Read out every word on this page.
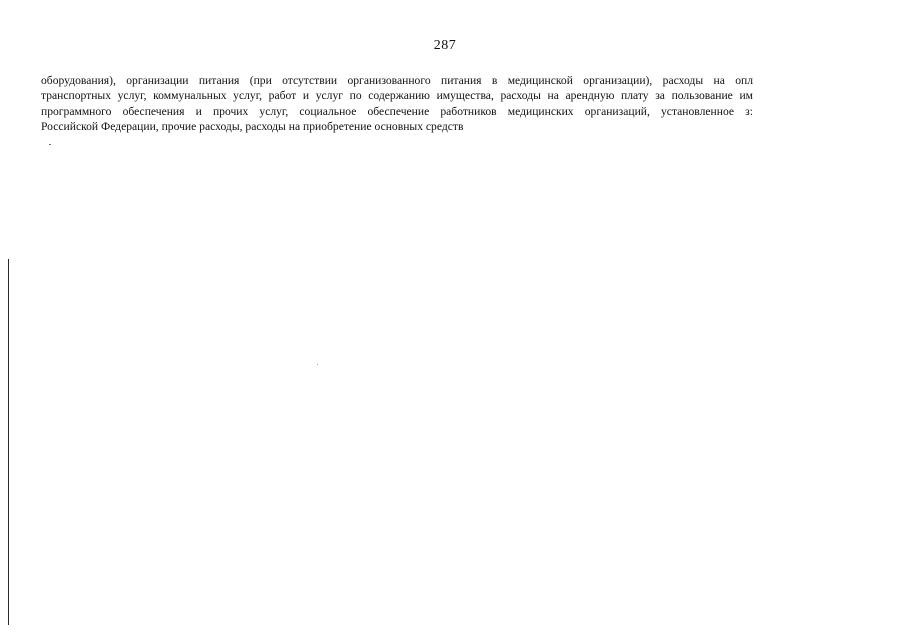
287
оборудования), организации питания (при отсутствии организованного питания в медицинской организации), расходы на опл
транспортных услуг, коммунальных услуг, работ и услуг по содержанию имущества, расходы на арендную плату за пользование им
программного обеспечения и прочих услуг, социальное обеспечение работников медицинских организаций, установленное з:
Российской Федерации, прочие расходы, расходы на приобретение основных средств
